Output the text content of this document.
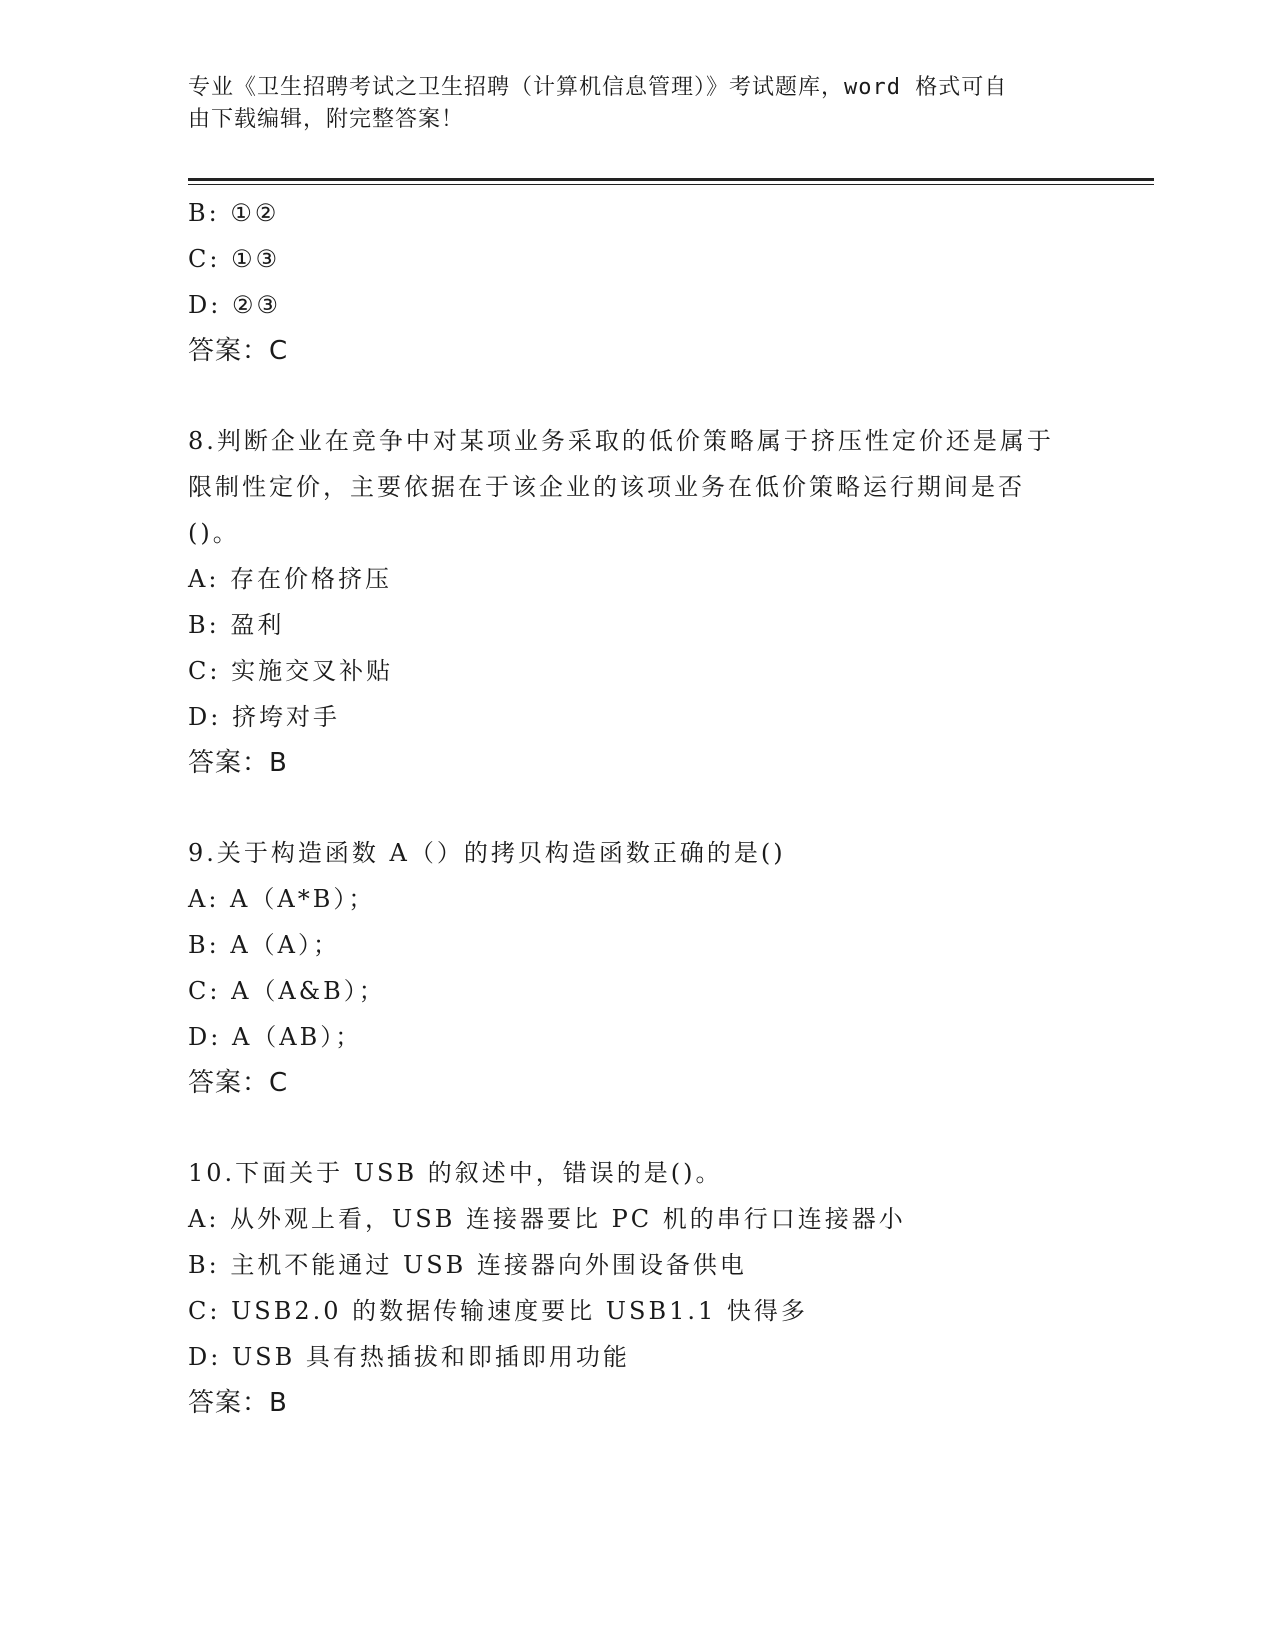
专业《卫生招聘考试之卫生招聘（计算机信息管理）》考试题库，word 格式可自
由下载编辑，附完整答案！
B: ①②
C: ①③
D: ②③
答案：C
8.判断企业在竞争中对某项业务采取的低价策略属于挤压性定价还是属于限制性定价，主要依据在于该企业的该项业务在低价策略运行期间是否()。
A: 存在价格挤压
B: 盈利
C: 实施交叉补贴
D: 挤垮对手
答案：B
9.关于构造函数 A（）的拷贝构造函数正确的是()
A: A（A*B）；
B: A（A）；
C: A（A&B）；
D: A（AB）；
答案：C
10.下面关于 USB 的叙述中，错误的是()。
A: 从外观上看，USB 连接器要比 PC 机的串行口连接器小
B: 主机不能通过 USB 连接器向外围设备供电
C: USB2.0 的数据传输速度要比 USB1.1 快得多
D: USB 具有热插拔和即插即用功能
答案：B
